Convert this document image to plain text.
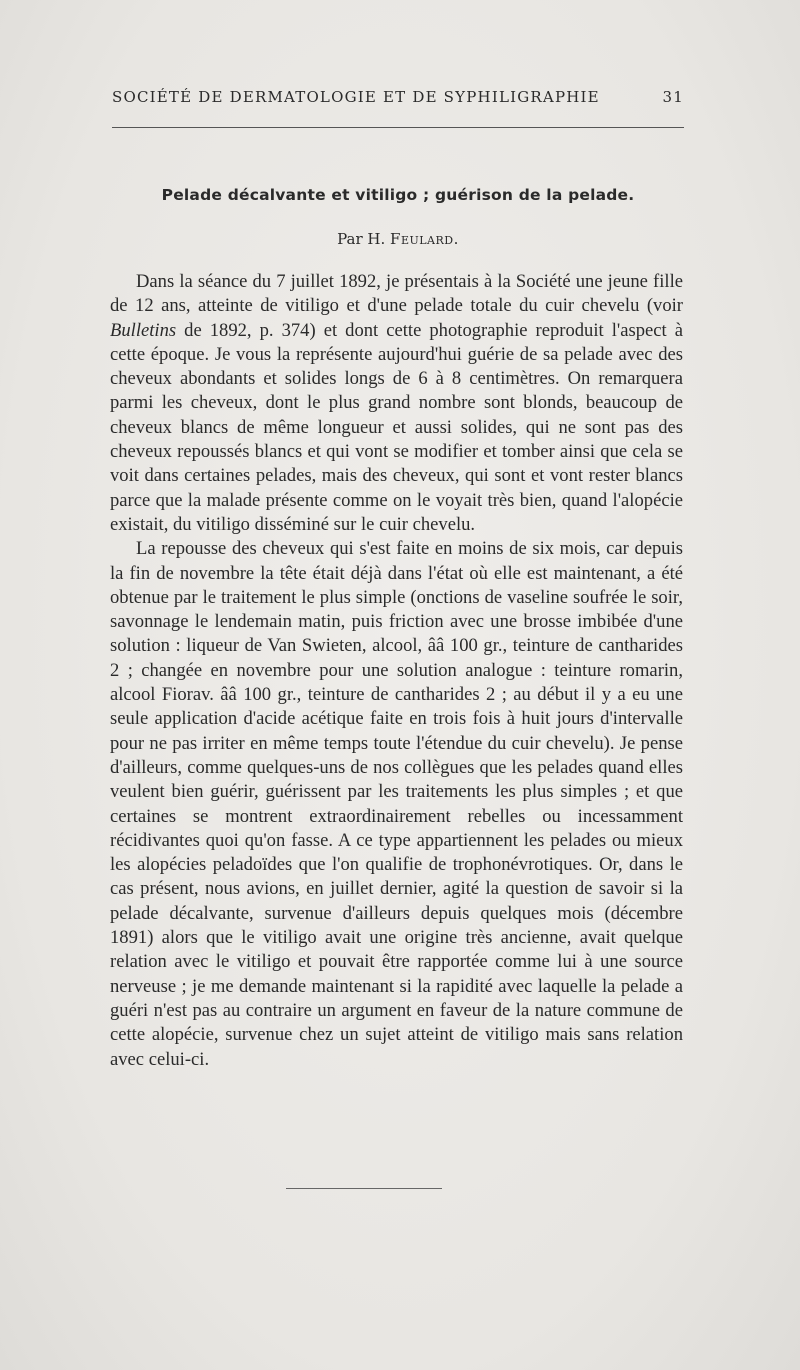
SOCIÉTÉ DE DERMATOLOGIE ET DE SYPHILIGRAPHIE	31
Pelade décalvante et vitiligo ; guérison de la pelade.
Par H. Feulard.

Dans la séance du 7 juillet 1892, je présentais à la Société une jeune fille de 12 ans, atteinte de vitiligo et d'une pelade totale du cuir chevelu (voir Bulletins de 1892, p. 374) et dont cette photographie reproduit l'aspect à cette époque. Je vous la représente aujourd'hui guérie de sa pelade avec des cheveux abondants et solides longs de 6 à 8 centimètres. On remarquera parmi les cheveux, dont le plus grand nombre sont blonds, beaucoup de cheveux blancs de même longueur et aussi solides, qui ne sont pas des cheveux repoussés blancs et qui vont se modifier et tomber ainsi que cela se voit dans certaines pelades, mais des cheveux, qui sont et vont rester blancs parce que la malade présente comme on le voyait très bien, quand l'alopécie existait, du vitiligo disséminé sur le cuir chevelu.

La repousse des cheveux qui s'est faite en moins de six mois, car depuis la fin de novembre la tête était déjà dans l'état où elle est maintenant, a été obtenue par le traitement le plus simple (onctions de vaseline soufrée le soir, savonnage le lendemain matin, puis friction avec une brosse imbibée d'une solution : liqueur de Van Swieten, alcool, ââ 100 gr., teinture de cantharides 2 ; changée en novembre pour une solution analogue : teinture romarin, alcool Fiorav. ââ 100 gr., teinture de cantharides 2 ; au début il y a eu une seule application d'acide acétique faite en trois fois à huit jours d'intervalle pour ne pas irriter en même temps toute l'étendue du cuir chevelu). Je pense d'ailleurs, comme quelques-uns de nos collègues que les pelades quand elles veulent bien guérir, guérissent par les traitements les plus simples ; et que certaines se montrent extraordinairement rebelles ou incessamment récidivantes quoi qu'on fasse. A ce type appartiennent les pelades ou mieux les alopécies peladoïdes que l'on qualifie de trophonévrotiques. Or, dans le cas présent, nous avions, en juillet dernier, agité la question de savoir si la pelade décalvante, survenue d'ailleurs depuis quelques mois (décembre 1891) alors que le vitiligo avait une origine très ancienne, avait quelque relation avec le vitiligo et pouvait être rapportée comme lui à une source nerveuse ; je me demande maintenant si la rapidité avec laquelle la pelade a guéri n'est pas au contraire un argument en faveur de la nature commune de cette alopécie, survenue chez un sujet atteint de vitiligo mais sans relation avec celui-ci.
